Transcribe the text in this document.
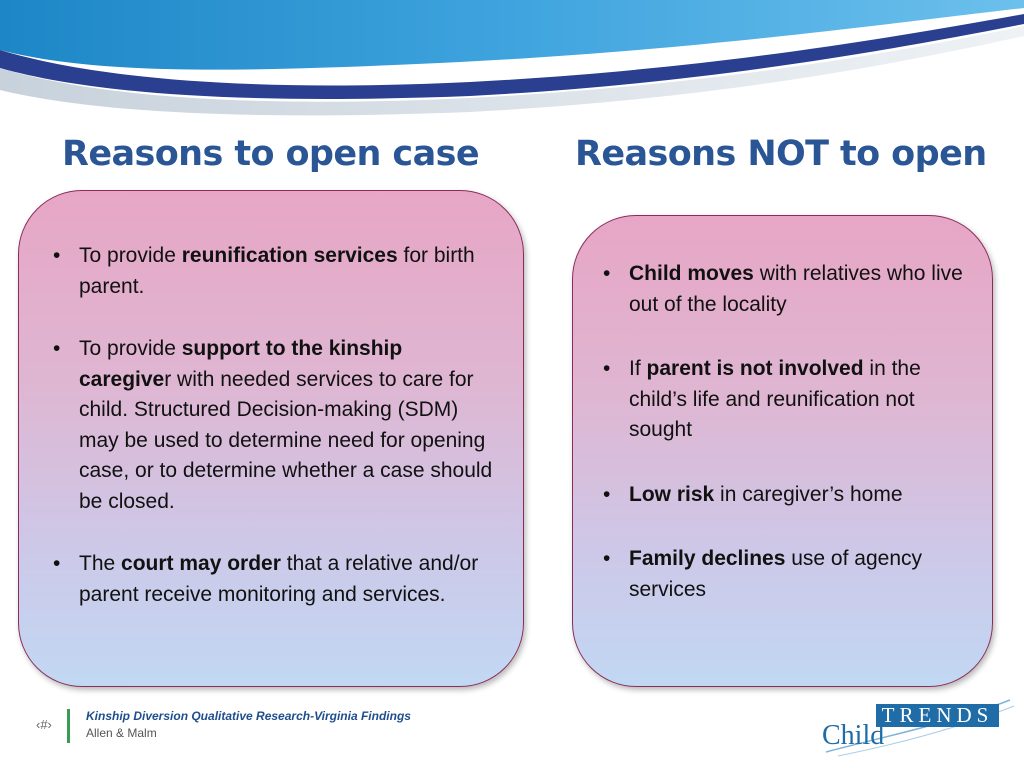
Reasons to open case	Reasons NOT to open
• To provide reunification services for birth parent.
• To provide support to the kinship caregiver with needed services to care for child. Structured Decision-making (SDM) may be used to determine need for opening case, or to determine whether a case should be closed.
• The court may order that a relative and/or parent receive monitoring and services.
• Child moves with relatives who live out of the locality
• If parent is not involved in the child’s life and reunification not sought
• Low risk in caregiver’s home
• Family declines use of agency services
‹#›
Kinship Diversion Qualitative Research-Virginia Findings
Allen & Malm
TRENDS
Child
